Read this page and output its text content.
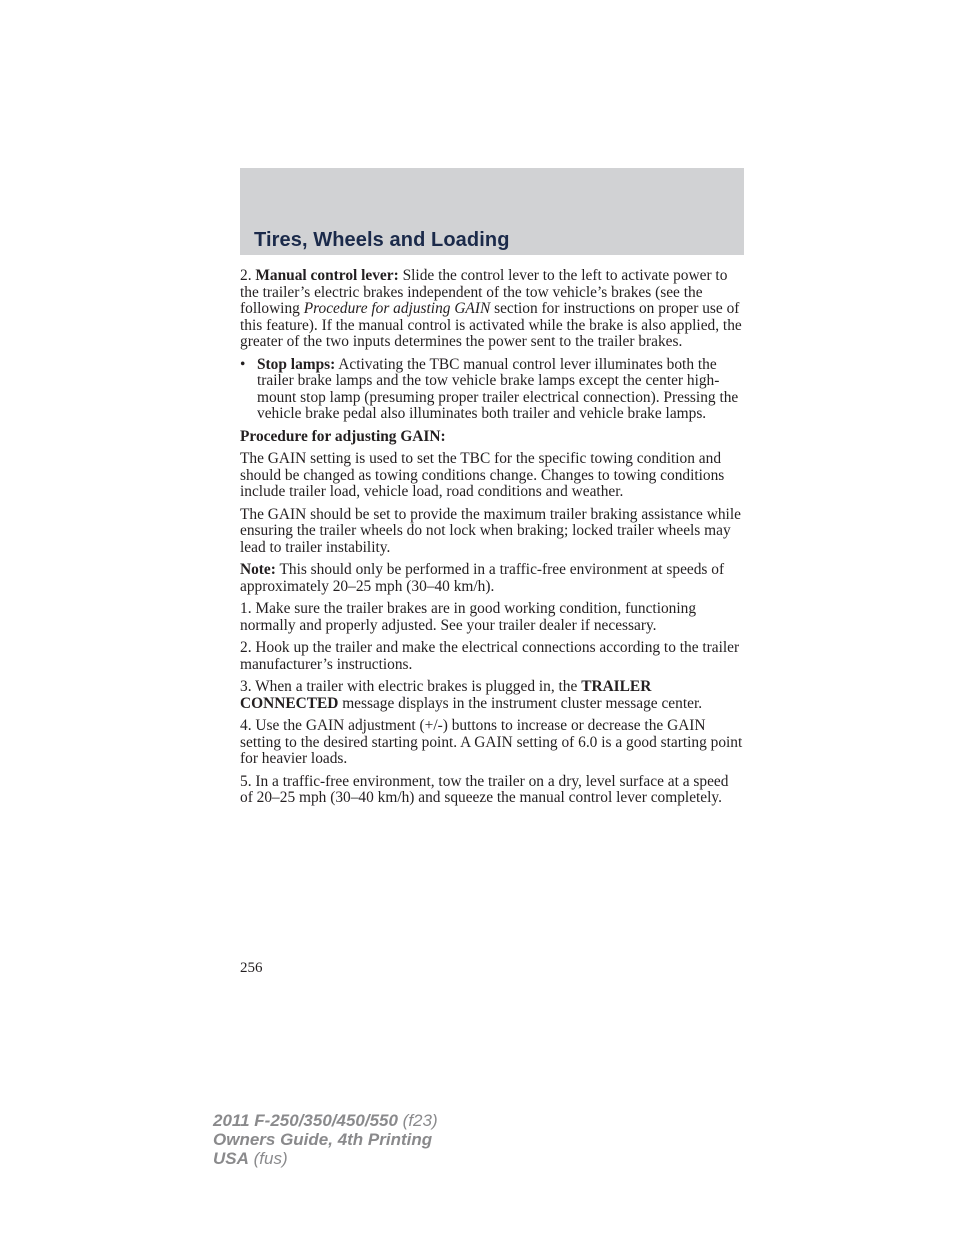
Tires, Wheels and Loading

2. Manual control lever: Slide the control lever to the left to activate power to the trailer’s electric brakes independent of the tow vehicle’s brakes (see the following Procedure for adjusting GAIN section for instructions on proper use of this feature). If the manual control is activated while the brake is also applied, the greater of the two inputs determines the power sent to the trailer brakes.

• Stop lamps: Activating the TBC manual control lever illuminates both the trailer brake lamps and the tow vehicle brake lamps except the center high-mount stop lamp (presuming proper trailer electrical connection). Pressing the vehicle brake pedal also illuminates both trailer and vehicle brake lamps.

Procedure for adjusting GAIN:

The GAIN setting is used to set the TBC for the specific towing condition and should be changed as towing conditions change. Changes to towing conditions include trailer load, vehicle load, road conditions and weather.

The GAIN should be set to provide the maximum trailer braking assistance while ensuring the trailer wheels do not lock when braking; locked trailer wheels may lead to trailer instability.

Note: This should only be performed in a traffic-free environment at speeds of approximately 20–25 mph (30–40 km/h).

1. Make sure the trailer brakes are in good working condition, functioning normally and properly adjusted. See your trailer dealer if necessary.

2. Hook up the trailer and make the electrical connections according to the trailer manufacturer’s instructions.

3. When a trailer with electric brakes is plugged in, the TRAILER CONNECTED message displays in the instrument cluster message center.

4. Use the GAIN adjustment (+/-) buttons to increase or decrease the GAIN setting to the desired starting point. A GAIN setting of 6.0 is a good starting point for heavier loads.

5. In a traffic-free environment, tow the trailer on a dry, level surface at a speed of 20–25 mph (30–40 km/h) and squeeze the manual control lever completely.

256
2011 F-250/350/450/550 (f23)
Owners Guide, 4th Printing
USA (fus)
